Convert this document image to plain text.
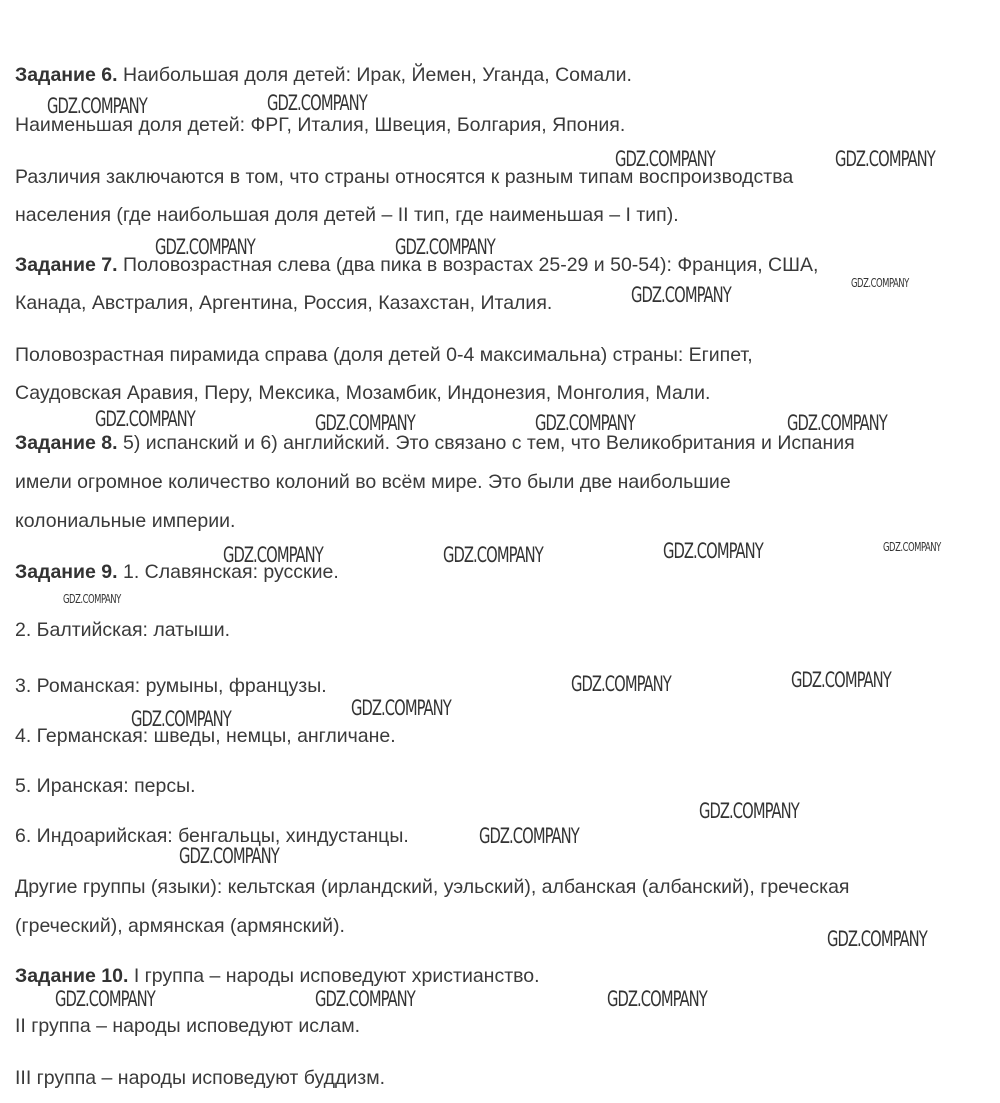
Задание 6. Наибольшая доля детей: Ирак, Йемен, Уганда, Сомали.
Наименьшая доля детей: ФРГ, Италия, Швеция, Болгария, Япония.
Различия заключаются в том, что страны относятся к разным типам воспроизводства
населения (где наибольшая доля детей – II тип, где наименьшая – I тип).
Задание 7. Половозрастная слева (два пика в возрастах 25-29 и 50-54): Франция, США,
Канада, Австралия, Аргентина, Россия, Казахстан, Италия.
Половозрастная пирамида справа (доля детей 0-4 максимальна) страны: Египет,
Саудовская Аравия, Перу, Мексика, Мозамбик, Индонезия, Монголия, Мали.
Задание 8. 5) испанский и 6) английский. Это связано с тем, что Великобритания и Испания
имели огромное количество колоний во всём мире. Это были две наибольшие
колониальные империи.
Задание 9. 1. Славянская: русские.
2. Балтийская: латыши.
3. Романская: румыны, французы.
4. Германская: шведы, немцы, англичане.
5. Иранская: персы.
6. Индоарийская: бенгальцы, хиндустанцы.
Другие группы (языки): кельтская (ирландский, уэльский), албанская (албанский), греческая
(греческий), армянская (армянский).
Задание 10. I группа – народы исповедуют христианство.
II группа – народы исповедуют ислам.
III группа – народы исповедуют буддизм.
GDZ.COMPANY	GDZ.COMPANY
GDZ.COMPANY	GDZ.COMPANY
GDZ.COMPANY	GDZ.COMPANY
GDZ.COMPANY
GDZ.COMPANY
GDZ.COMPANY	GDZ.COMPANY	GDZ.COMPANY	GDZ.COMPANY
GDZ.COMPANY	GDZ.COMPANY	GDZ.COMPANY	GDZ.COMPANY
GDZ.COMPANY
GDZ.COMPANY	GDZ.COMPANY
GDZ.COMPANY
GDZ.COMPANY
GDZ.COMPANY
GDZ.COMPANY
GDZ.COMPANY
GDZ.COMPANY
GDZ.COMPANY	GDZ.COMPANY	GDZ.COMPANY
